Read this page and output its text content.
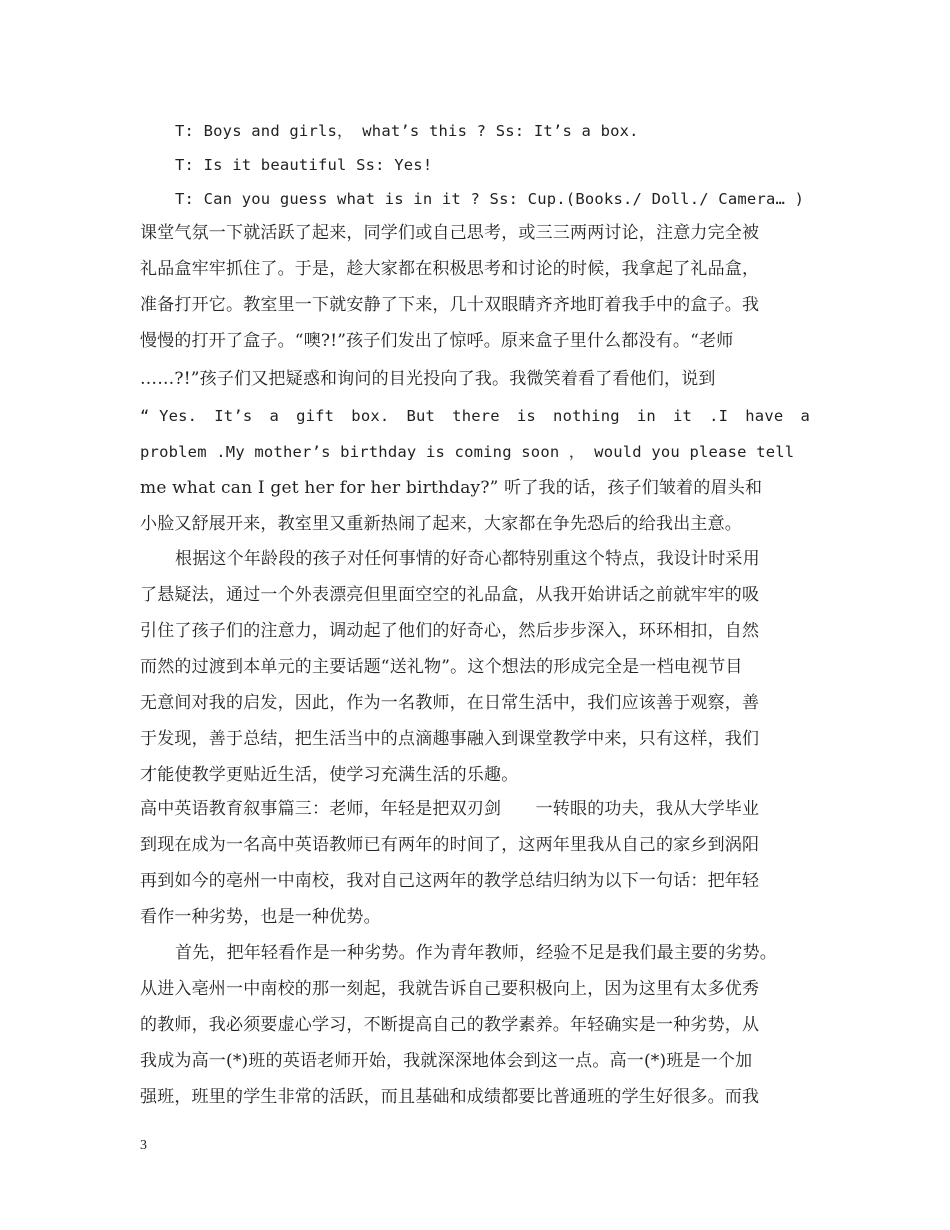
T: Boys and girls， what’s this ? Ss: It’s a box.
T: Is it beautiful Ss: Yes!
T: Can you guess what is in it ? Ss: Cup.(Books./ Doll./ Camera… )
课堂气氛一下就活跃了起来，同学们或自己思考，或三三两两讨论，注意力完全被
礼品盒牢牢抓住了。于是，趁大家都在积极思考和讨论的时候，我拿起了礼品盒，
准备打开它。教室里一下就安静了下来，几十双眼睛齐齐地盯着我手中的盒子。我
慢慢的打开了盒子。“噢?!”孩子们发出了惊呼。原来盒子里什么都没有。“老师
……?!”孩子们又把疑惑和询问的目光投向了我。我微笑着看了看他们，说到
“ Yes. It’s a gift box. But there is nothing in it .I have a
problem .My mother’s birthday is coming soon ， would you please tell
me what can I get her for her birthday?” 听了我的话，孩子们皱着的眉头和
小脸又舒展开来，教室里又重新热闹了起来，大家都在争先恐后的给我出主意。
根据这个年龄段的孩子对任何事情的好奇心都特别重这个特点，我设计时采用
了悬疑法，通过一个外表漂亮但里面空空的礼品盒，从我开始讲话之前就牢牢的吸
引住了孩子们的注意力，调动起了他们的好奇心，然后步步深入，环环相扣，自然
而然的过渡到本单元的主要话题“送礼物”。这个想法的形成完全是一档电视节目
无意间对我的启发，因此，作为一名教师，在日常生活中，我们应该善于观察，善
于发现，善于总结，把生活当中的点滴趣事融入到课堂教学中来，只有这样，我们
才能使教学更贴近生活，使学习充满生活的乐趣。
高中英语教育叙事篇三：老师，年轻是把双刃剑　　一转眼的功夫，我从大学毕业
到现在成为一名高中英语教师已有两年的时间了，这两年里我从自己的家乡到涡阳
再到如今的亳州一中南校，我对自己这两年的教学总结归纳为以下一句话：把年轻
看作一种劣势，也是一种优势。
首先，把年轻看作是一种劣势。作为青年教师，经验不足是我们最主要的劣势。
从进入亳州一中南校的那一刻起，我就告诉自己要积极向上，因为这里有太多优秀
的教师，我必须要虚心学习，不断提高自己的教学素养。年轻确实是一种劣势，从
我成为高一(*)班的英语老师开始，我就深深地体会到这一点。高一(*)班是一个加
强班，班里的学生非常的活跃，而且基础和成绩都要比普通班的学生好很多。而我
3
